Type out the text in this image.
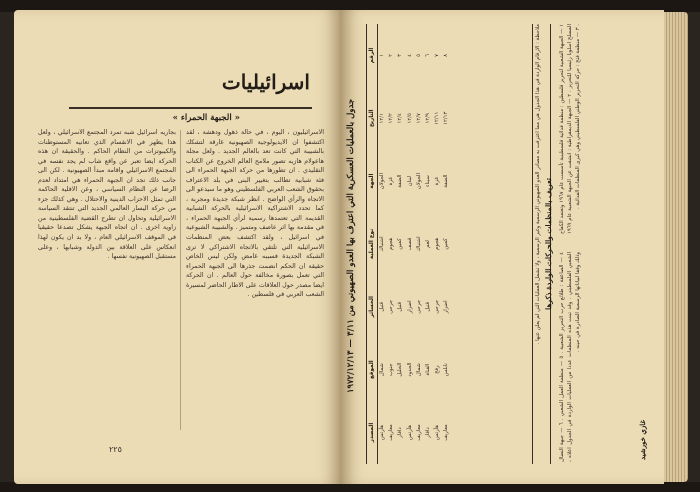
اسرائيليات
« الجبهة الحمراء »
الاسرائيليون ، اليوم ، في حالة ذهول ودهشة ، لقد اكتشفوا ان الايديولوجية الصهيونية غارقة لتشكك بالشبيبة التي كانت تعد بالعالم الجديد . ولعل مجلة هاعولام هازيه تصور ملامح العالم الخروج عن الكتاب التقليدي . ان تطورها من حركة الجبهة الحمراء الى فئة شبابية تطالب بتغيير البنى في بلد الاعتراف بحقوق الشعب العربي الفلسطيني وهو ما سيدعو الى الاتجاه والرأي الواضح . انظر شبكة جديدة ومجربة ، كما تحدد الاشتراكية الاسرائيلية بالحركة الشبابية القديمة التي تعتمدها رسمية لرأي الجبهة الحمراء ، في مقدمة بها اثر عاصف ومتميز . والشبيبة الشيوعية في اسرائيل ، ولقد اكتشف بعض المنظمات الاسرائيلية التي تلتقي بالاتجاه الاشتراكي لا ترى الشبكة الجديدة فسببه غامض ولكن ليس الخاص حقيقة ان الحكم انضمت جذرها الى الجبهة الحمراء التي تعمل بصورة مخالفة حول العالم . ان الحركة ايضا مصدر حول العلاقات على الاطار الحاضر لمسيرة الشعب العربي في فلسطين .
بجاريه اسرائيل شبه تمرد المجتمع الاسرائيلي ، ولعل هذا يظهر في الانقسام الذي تعانيه المستوطنات والكيبوتزات من النظام الحاكم . والحقيقة ان هذه الحركة ايضا تعبر عن واقع شاب لم يجد نفسه في المجتمع الاسرائيلي واقامة مبدأ الصهيونية . لكن الى جانب ذلك نجد ان الجبهة الحمراء هي امتداد لعدم الرضا عن النظام السياسي ، وعن الاقلية الحاكمة التي تمثل الاحزاب الدينية والاحتلال . وهي كذلك جزء من حركة اليسار العالمي الجديد التي تنتقد السياسة الاسرائيلية وتحاول ان تطرح القضية الفلسطينية من زاوية اخرى . ان اتجاه الجبهة يشكل تصدعا حقيقيا في الموقف الاسرائيلي العام ، ولا بد ان يكون لهذا انعكاس على العلاقة بين الدولة وشبابها ، وعلى مستقبل الصهيونية نفسها .
٢٢٥
جدول بالعمليات العسكرية التي اعترف بها العدو الصهيوني من ٣/١١ — ١٩٧٢/١٢/١٣
الرقم	التاريخ	الجهة	نوع العملية	الخسائر	الموقع	المصدر
١	١٢/١	الجولان	اشتباك	قتيل	شمال	هآرتس
٢	١٢/٢	غزة	هجوم	جرحى	جنوب	معاريف
٣	١٢/٤	الضفة	كمين	قتيل	الخليل	دافار
٤	١٢/٥	لبنان	قصف	اضرار	الحدود	هآرتس
٥	١٢/٧	الجولان	اشتباك	جرحى	شمال	معاريف
٦	١٢/٩	سيناء	لغم	قتيل	القناة	دافار
٧	١٢/١١	غزة	هجوم	جرحى	رفح	هآرتس
٨	١٢/١٣	الضفة	كمين	اضرار	نابلس	معاريف
ملاحظة : الارقام الواردة في هذا الجدول هي مما اعترفت به مصادر العدو الصهيوني الرسمية وغير الرسمية ، ولا تشمل العمليات التي لم يعلن عنها . تعريف بالمنظمات والحركات الواردة ذكرها ١ — الجبهة الشعبية لتحرير فلسطين : منظمة فدائية فلسطينية تأسست عام ١٩٦٧ وتعتمد الكفاح المسلح اسلوبا رئيسيا للتحرير . ٢ — الجبهة الديمقراطية : انشقت عن الجبهة الشعبية عام ١٩٦٩ . ٣ — منظمة فتح : حركة التحرير الوطني الفلسطيني وهي كبرى المنظمات الفدائية .
٤ — الصاعقة : طلائع حرب التحرير الشعبية . ٥ — منظمة العمل الشعبي . ٦ — جبهة النضال الشعبي الفلسطيني . وقد تبنت هذه المنظمات عددا من العمليات الواردة في الجدول اعلاه ، وذلك وفقا لبياناتها الرسمية الصادرة في حينه .
غازي خورشيد
